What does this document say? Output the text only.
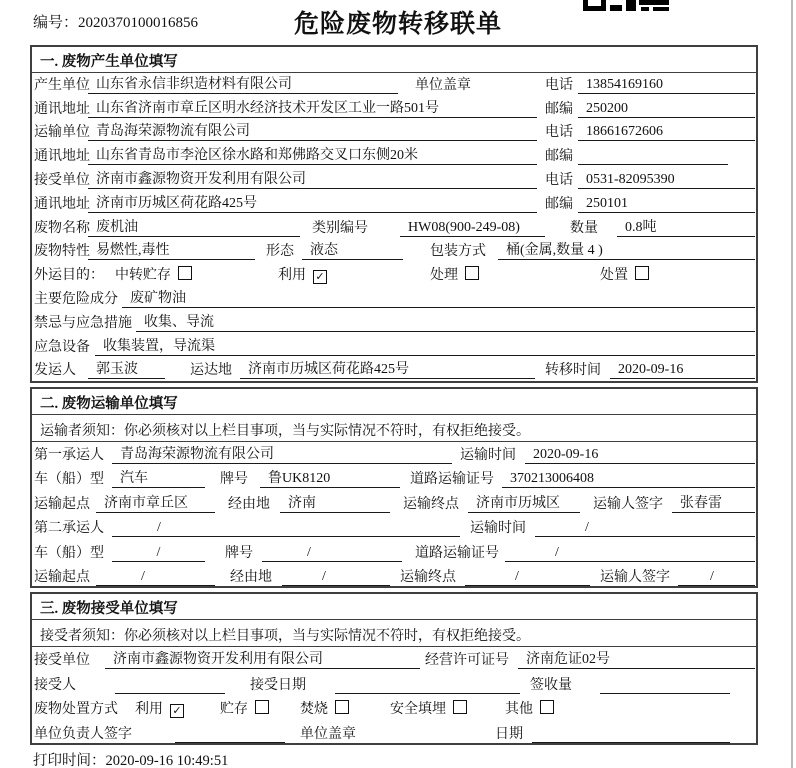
编号：2020370100016856	危险废物转移联单
一. 废物产生单位填写
产生单位 山东省永信非织造材料有限公司	单位盖章	电话 13854169160
通讯地址 山东省济南市章丘区明水经济技术开发区工业一路501号	邮编 250200
运输单位 青岛海荣源物流有限公司	电话 18661672606
通讯地址 山东省青岛市李沧区徐水路和郑佛路交叉口东侧20米	邮编
接受单位 济南市鑫源物资开发利用有限公司	电话 0531-82095390
通讯地址 济南市历城区荷花路425号	邮编 250101
废物名称 废机油	类别编号	HW08(900-249-08)	数量	0.8吨
废物特性 易燃性,毒性	形态	液态	包装方式	桶(金属,数量 4 )
外运目的： 中转贮存	利用 ✓	处理	处置
主要危险成分 废矿物油
禁忌与应急措施 收集、导流
应急设备 收集装置，导流渠
发运人	郭玉波	运达地	济南市历城区荷花路425号	转移时间	2020-09-16
二. 废物运输单位填写
运输者须知：你必须核对以上栏目事项，当与实际情况不符时，有权拒绝接受。
第一承运人	青岛海荣源物流有限公司	运输时间	2020-09-16
车（船）型	汽车	牌号	鲁UK8120	道路运输证号	370213006408
运输起点	济南市章丘区	经由地	济南	运输终点	济南市历城区	运输人签字	张春雷
第二承运人	/	运输时间	/
车（船）型	/	牌号	/	道路运输证号	/
运输起点	/	经由地	/	运输终点	/	运输人签字	/
三. 废物接受单位填写
接受者须知：你必须核对以上栏目事项，当与实际情况不符时，有权拒绝接受。
接受单位	济南市鑫源物资开发利用有限公司	经营许可证号	济南危证02号
接受人	接受日期	签收量
废物处置方式 利用 ✓	贮存	焚烧	安全填埋	其他
单位负责人签字	单位盖章	日期
打印时间：2020-09-16 10:49:51
